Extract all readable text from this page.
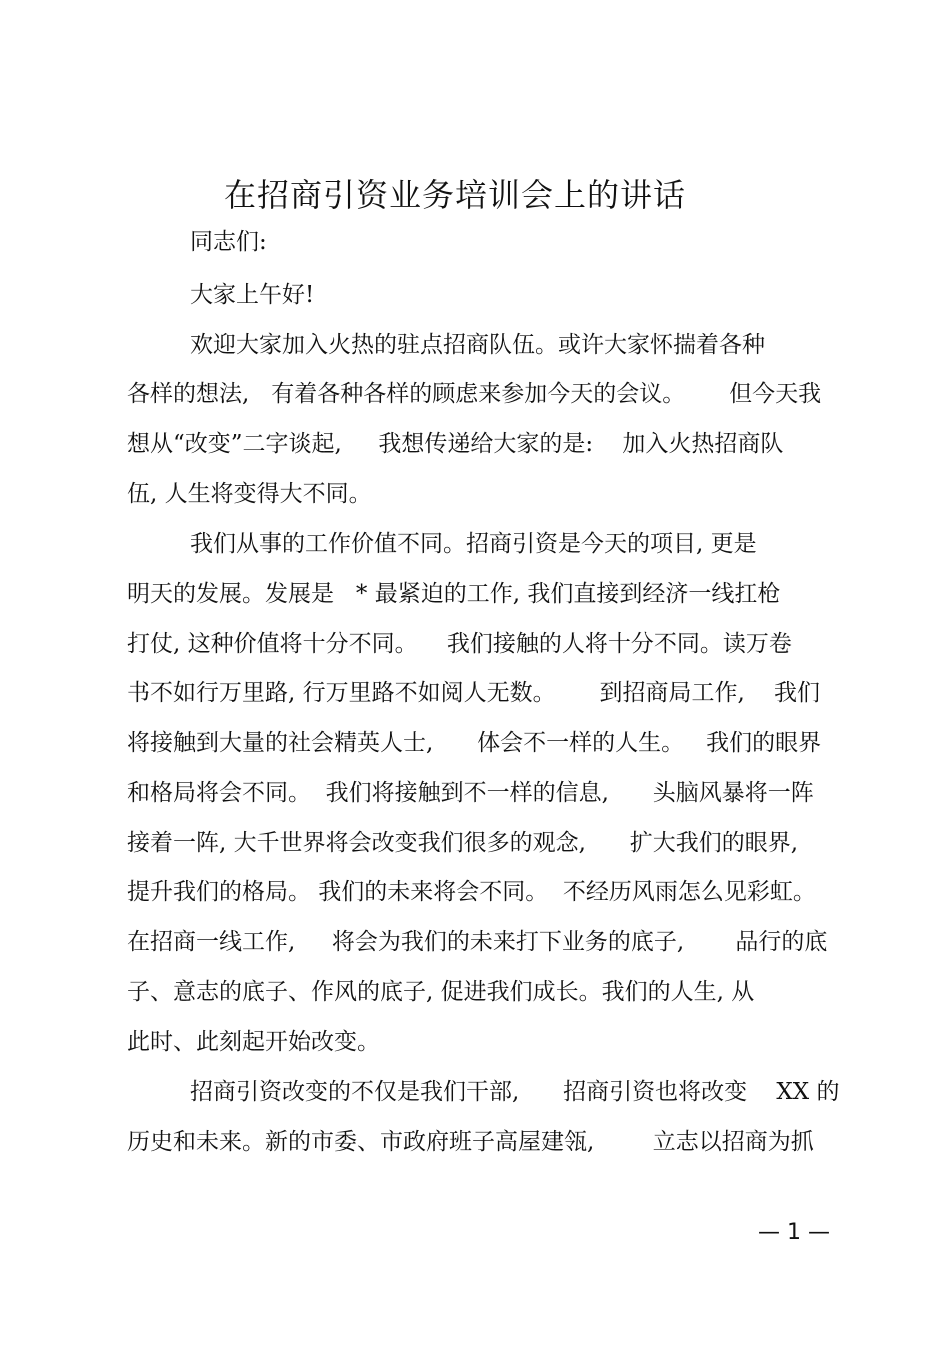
在招商引资业务培训会上的讲话
同志们:
大家上午好!
欢迎大家加入火热的驻点招商队伍。或许大家怀揣着各种
各样的想法,   有着各种各样的顾虑来参加今天的会议。      但今天我
想从“改变”二字谈起,     我想传递给大家的是:    加入火热招商队
伍, 人生将变得大不同。
我们从事的工作价值不同。招商引资是今天的项目, 更是
明天的发展。发展是   * 最紧迫的工作, 我们直接到经济一线扛枪
打仗, 这种价值将十分不同。    我们接触的人将十分不同。读万卷
书不如行万里路, 行万里路不如阅人无数。      到招商局工作,    我们
将接触到大量的社会精英人士,      体会不一样的人生。   我们的眼界
和格局将会不同。  我们将接触到不一样的信息,      头脑风暴将一阵
接着一阵, 大千世界将会改变我们很多的观念,      扩大我们的眼界,
提升我们的格局。 我们的未来将会不同。  不经历风雨怎么见彩虹。
在招商一线工作,     将会为我们的未来打下业务的底子,       品行的底
子、意志的底子、作风的底子, 促进我们成长。我们的人生, 从
此时、此刻起开始改变。
招商引资改变的不仅是我们干部,      招商引资也将改变    XX 的
历史和未来。新的市委、市政府班子高屋建瓴,        立志以招商为抓
— 1 —
